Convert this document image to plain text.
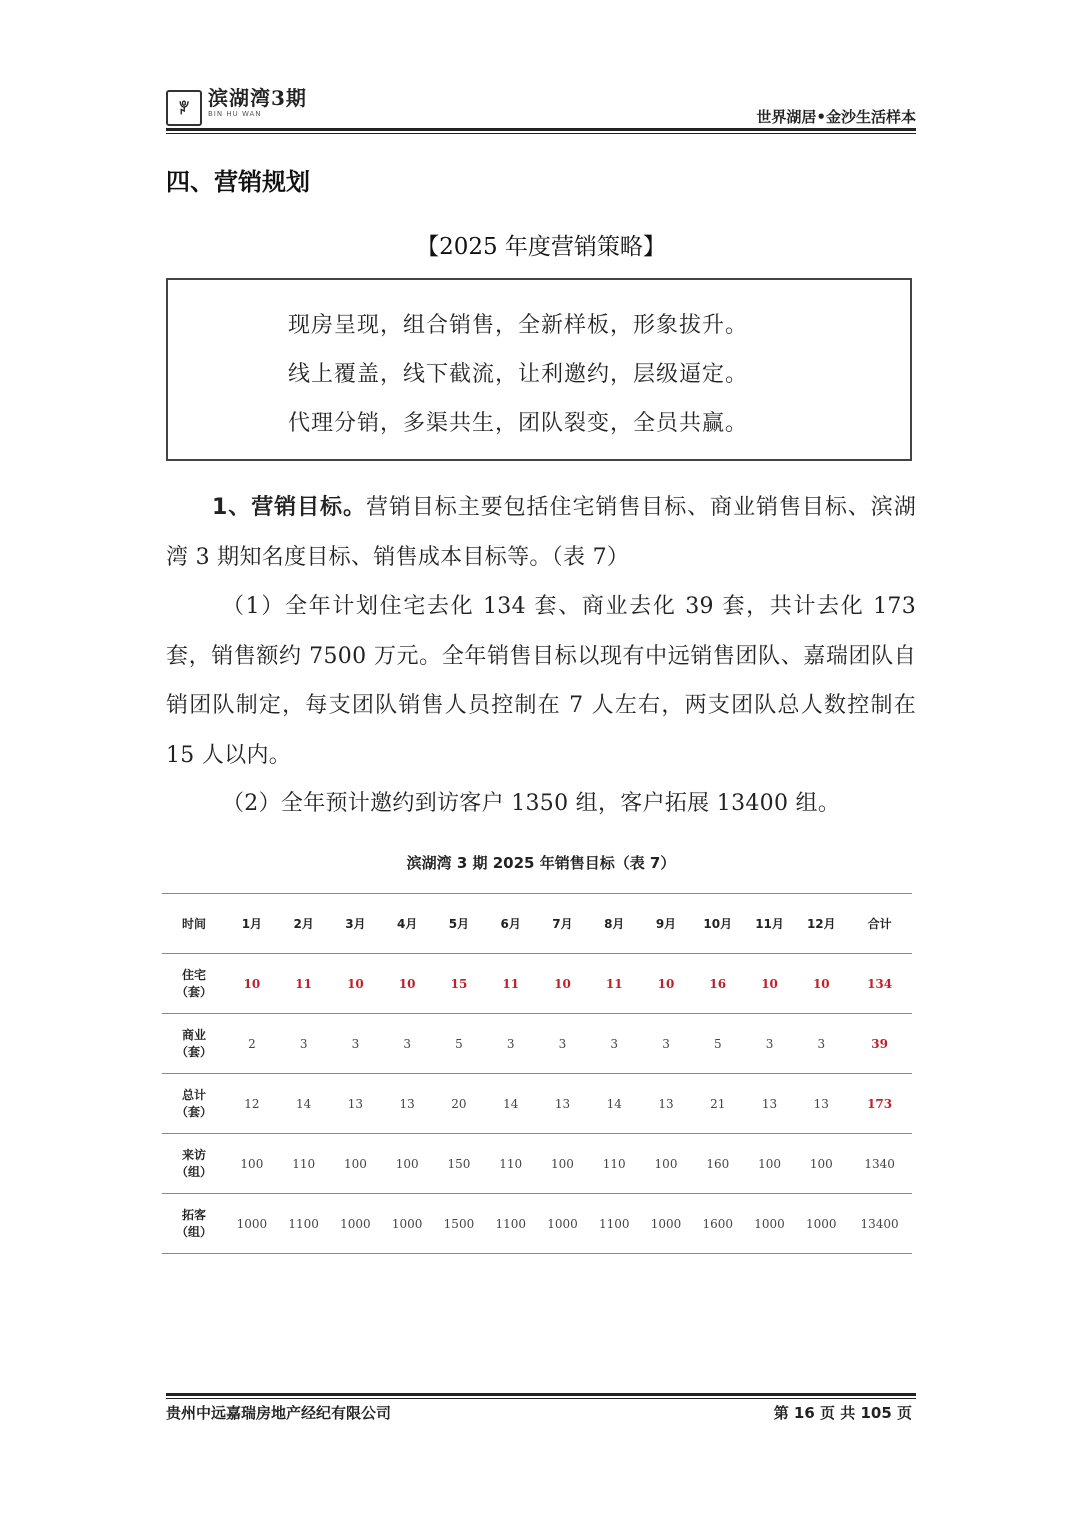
ꐕ 滨湖湾3期
BIN HU WAN	世界湖居•金沙生活样本
四、营销规划
【2025 年度营销策略】
现房呈现，组合销售，全新样板，形象拔升。
线上覆盖，线下截流，让利邀约，层级逼定。
代理分销，多渠共生，团队裂变，全员共赢。
1、营销目标。营销目标主要包括住宅销售目标、商业销售目标、滨湖湾 3 期知名度目标、销售成本目标等。（表 7）
（1）全年计划住宅去化 134 套、商业去化 39 套，共计去化 173 套，销售额约 7500 万元。全年销售目标以现有中远销售团队、嘉瑞团队自销团队制定，每支团队销售人员控制在 7 人左右，两支团队总人数控制在 15 人以内。
（2）全年预计邀约到访客户 1350 组，客户拓展 13400 组。
滨湖湾 3 期 2025 年销售目标（表 7）
时间	1月	2月	3月	4月	5月	6月	7月	8月	9月	10月	11月	12月	合计

住宅
（套）	10	11	10	10	15	11	10	11	10	16	10	10	134

商业
（套）	2	3	3	3	5	3	3	3	3	5	3	3	39

总计
（套）	12	14	13	13	20	14	13	14	13	21	13	13	173

来访
（组）	100	110	100	100	150	110	100	110	100	160	100	100	1340

拓客
（组）	1000	1100	1000	1000	1500	1100	1000	1100	1000	1600	1000	1000	13400
贵州中远嘉瑞房地产经纪有限公司	第 16 页 共 105 页
